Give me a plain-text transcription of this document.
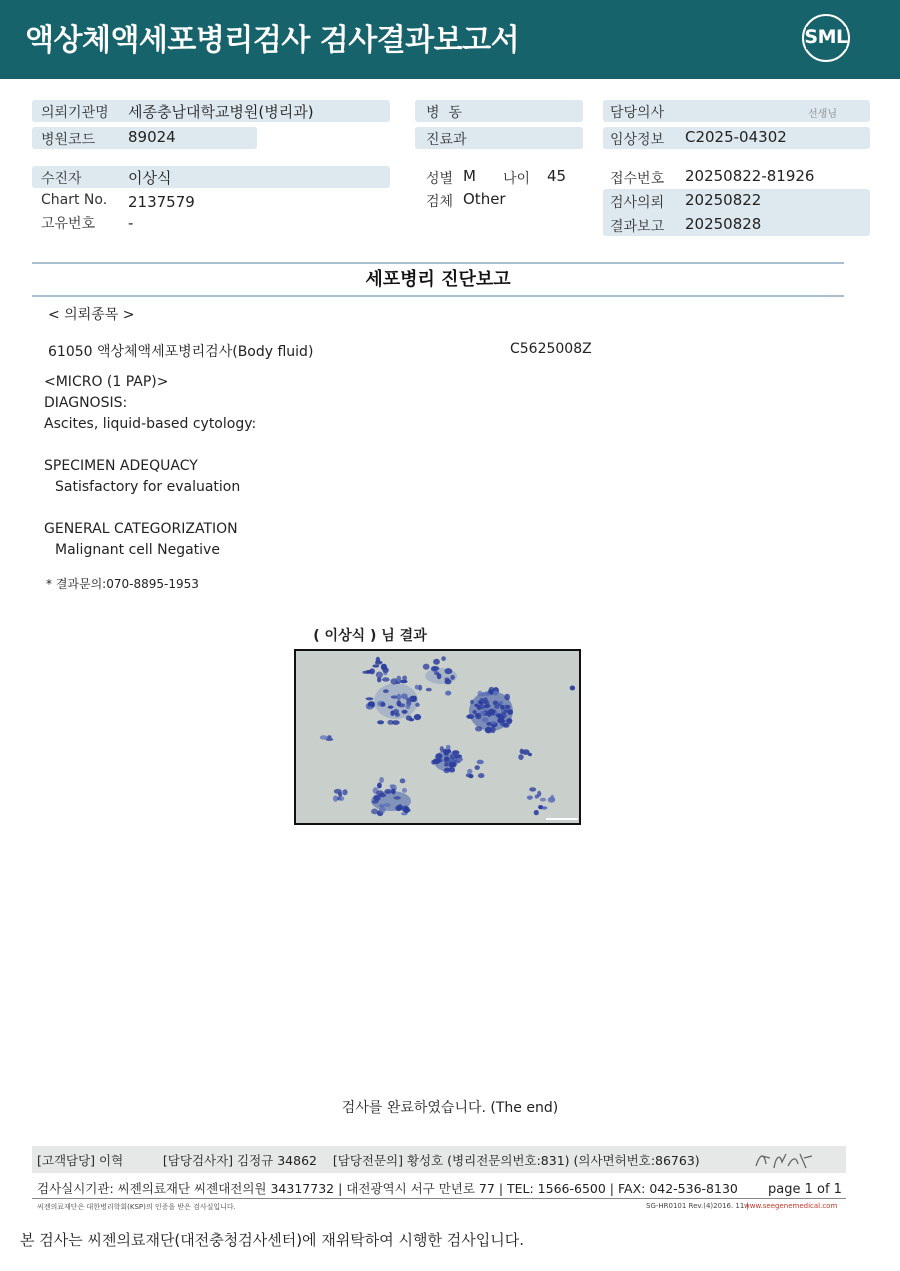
액상체액세포병리검사 검사결과보고서	SML
의뢰기관명 세종충남대학교병원(병리과)
병원코드 89024
수진자	이상식
Chart No. 2137579
고유번호 -
병  동
진료과
성별 M 나이 45
검체 Other
담당의사	선생님
임상정보 C2025-04302
접수번호 20250822-81926
검사의뢰 20250822
결과보고 20250828
세포병리 진단보고
< 의뢰종목 >
61050 액상체액세포병리검사(Body fluid)	C5625008Z
<MICRO (1 PAP)>
DIAGNOSIS:
Ascites, liquid-based cytology:
SPECIMEN ADEQUACY
Satisfactory for evaluation
GENERAL CATEGORIZATION
Malignant cell Negative
* 결과문의:070-8895-1953
( 이상식 ) 님 결과
검사를 완료하였습니다. (The end)
[고객담당] 이혁          [담당검사자] 김정규 34862    [담당전문의] 황성호 (병리전문의번호:831) (의사면허번호:86763)
검사실시기관: 씨젠의료재단 씨젠대전의원 34317732 | 대전광역시 서구 만년로 77 | TEL: 1566-6500 | FAX: 042-536-8130 page 1 of 1
씨젠의료재단은 대한병리학회(KSP)의 인증을 받은 검사실입니다.	SG-HR0101 Rev.(4)2016. 11 |
www.seegenemedical.com
본 검사는 씨젠의료재단(대전충청검사센터)에 재위탁하여 시행한 검사입니다.
